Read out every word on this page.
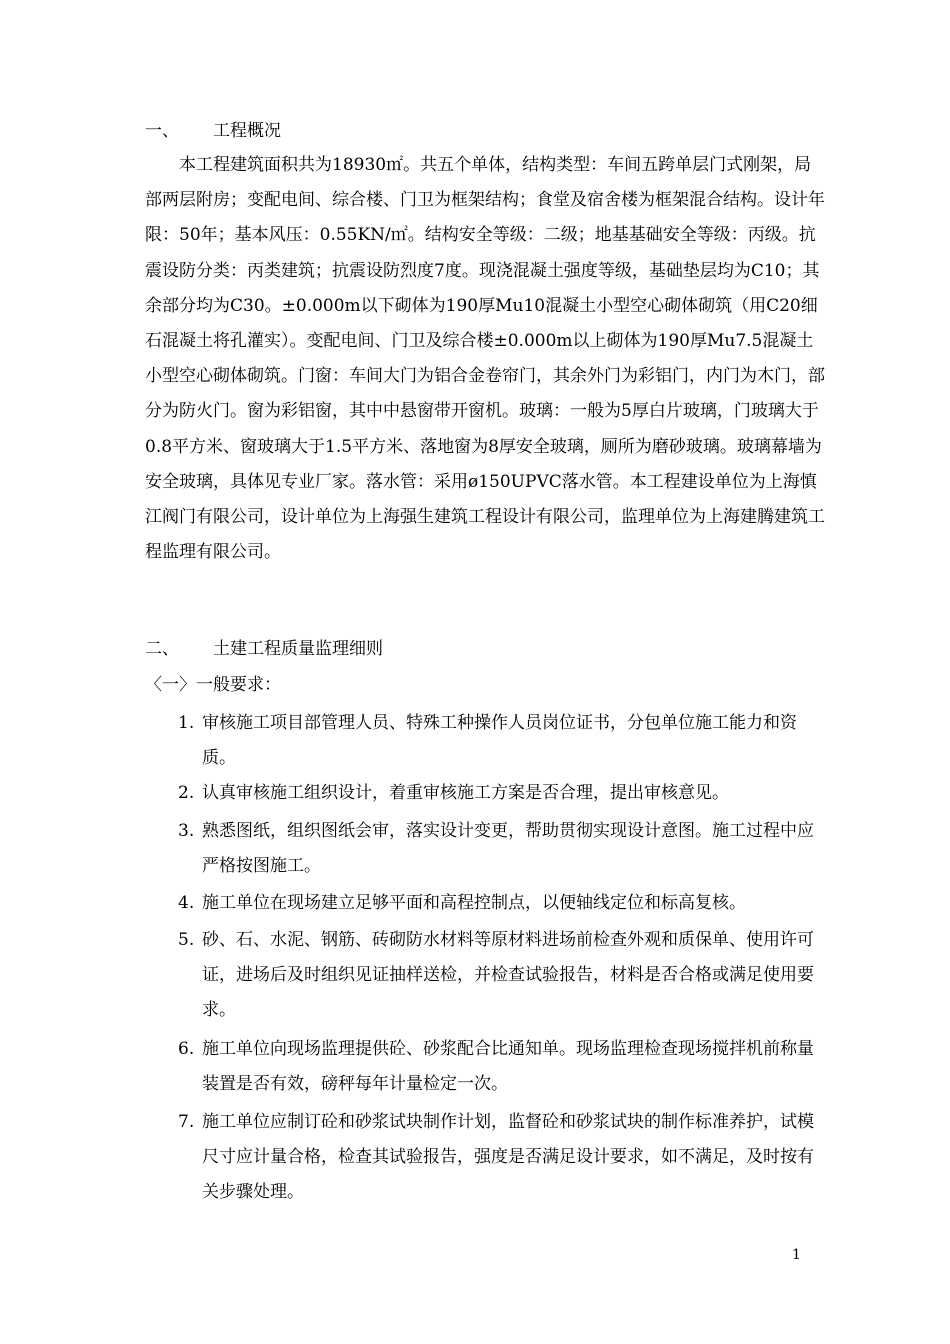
一、 工程概况

本工程建筑面积共为18930㎡。共五个单体，结构类型：车间五跨单层门式刚架，局部两层附房；变配电间、综合楼、门卫为框架结构；食堂及宿舍楼为框架混合结构。设计年限：50年；基本风压：0.55KN/㎡。结构安全等级：二级；地基基础安全等级：丙级。抗震设防分类：丙类建筑；抗震设防烈度7度。现浇混凝土强度等级，基础垫层均为C10；其余部分均为C30。±0.000m以下砌体为190厚Mu10混凝土小型空心砌体砌筑（用C20细石混凝土将孔灌实）。变配电间、门卫及综合楼±0.000m以上砌体为190厚Mu7.5混凝土小型空心砌体砌筑。门窗：车间大门为铝合金卷帘门，其余外门为彩铝门，内门为木门，部分为防火门。窗为彩铝窗，其中中悬窗带开窗机。玻璃：一般为5厚白片玻璃，门玻璃大于0.8平方米、窗玻璃大于1.5平方米、落地窗为8厚安全玻璃，厕所为磨砂玻璃。玻璃幕墙为安全玻璃，具体见专业厂家。落水管：采用ø150UPVC落水管。本工程建设单位为上海慎江阀门有限公司，设计单位为上海强生建筑工程设计有限公司，监理单位为上海建腾建筑工程监理有限公司。

二、 土建工程质量监理细则
〈一〉一般要求：
1. 审核施工项目部管理人员、特殊工种操作人员岗位证书，分包单位施工能力和资质。
2. 认真审核施工组织设计，着重审核施工方案是否合理，提出审核意见。
3. 熟悉图纸，组织图纸会审，落实设计变更，帮助贯彻实现设计意图。施工过程中应严格按图施工。
4. 施工单位在现场建立足够平面和高程控制点，以便轴线定位和标高复核。
5. 砂、石、水泥、钢筋、砖砌防水材料等原材料进场前检查外观和质保单、使用许可证，进场后及时组织见证抽样送检，并检查试验报告，材料是否合格或满足使用要求。
6. 施工单位向现场监理提供砼、砂浆配合比通知单。现场监理检查现场搅拌机前称量装置是否有效，磅秤每年计量检定一次。
7. 施工单位应制订砼和砂浆试块制作计划，监督砼和砂浆试块的制作标准养护，试模尺寸应计量合格，检查其试验报告，强度是否满足设计要求，如不满足，及时按有关步骤处理。
1
